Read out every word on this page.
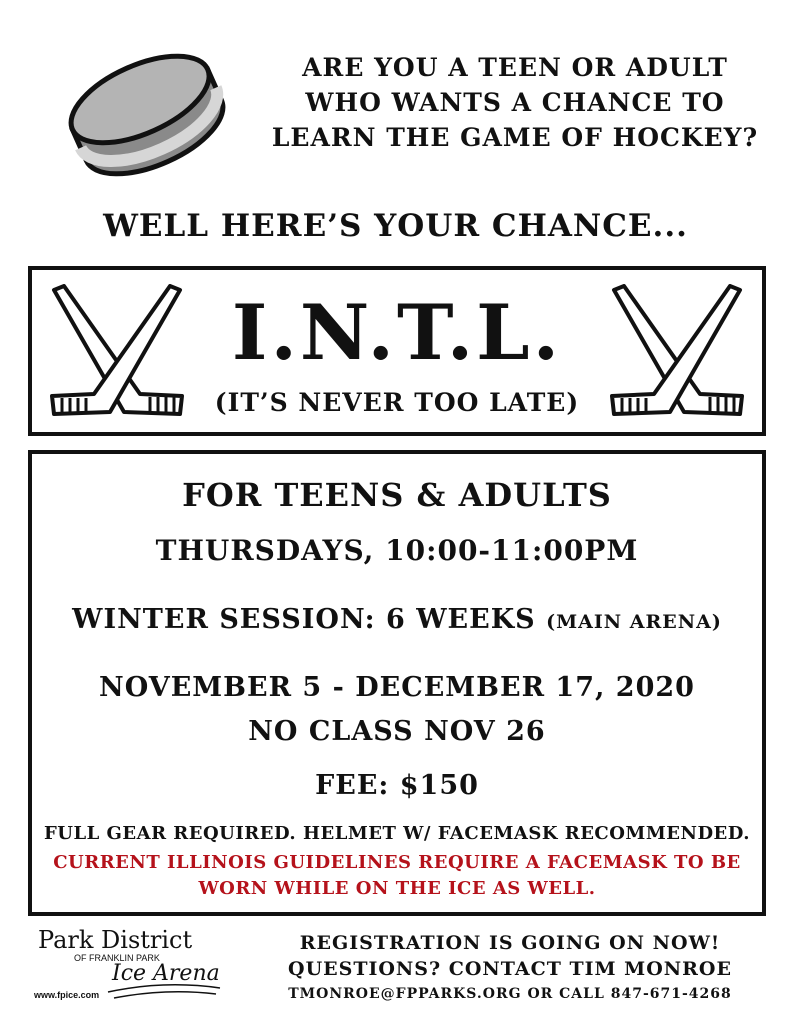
ARE YOU A TEEN OR ADULT
WHO WANTS A CHANCE TO
LEARN THE GAME OF HOCKEY?
WELL HERE’S YOUR CHANCE...
I.N.T.L.
(IT’S NEVER TOO LATE)
FOR TEENS & ADULTS
THURSDAYS, 10:00-11:00PM
WINTER SESSION: 6 WEEKS (MAIN ARENA)
NOVEMBER 5 - DECEMBER 17, 2020
NO CLASS NOV 26
FEE: $150
FULL GEAR REQUIRED. HELMET W/ FACEMASK RECOMMENDED.
CURRENT ILLINOIS GUIDELINES REQUIRE A FACEMASK TO BE
WORN WHILE ON THE ICE AS WELL.
Park District
OF FRANKLIN PARK
Ice Arena
www.fpice.com
REGISTRATION IS GOING ON NOW!
QUESTIONS? CONTACT TIM MONROE
TMONROE@FPPARKS.ORG OR CALL 847-671-4268
